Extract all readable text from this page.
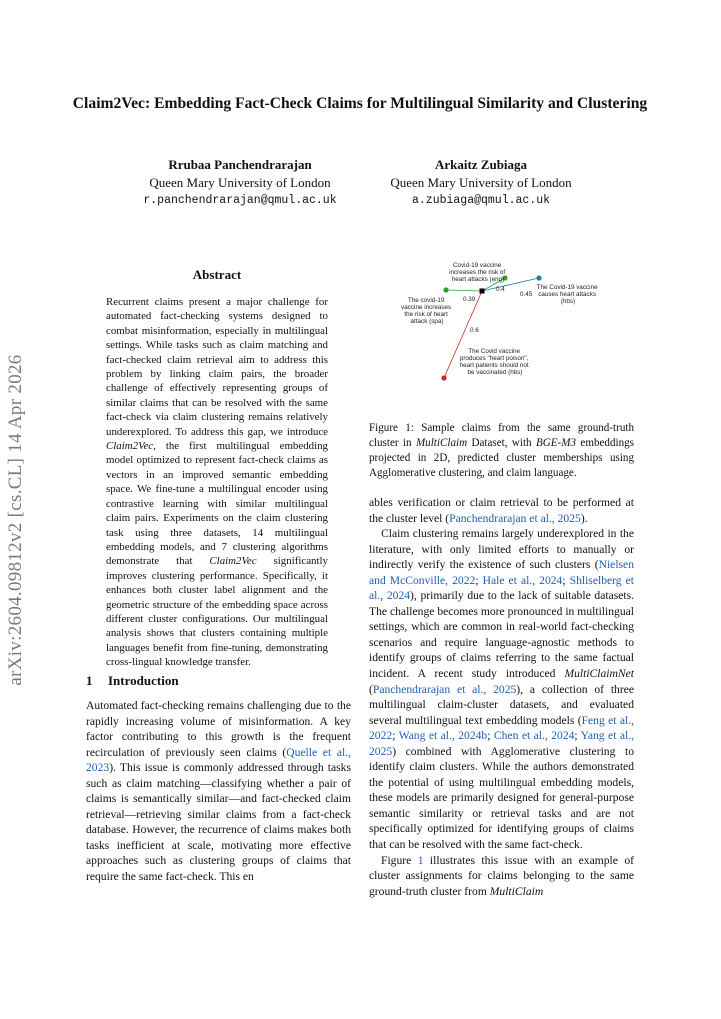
arXiv:2604.09812v2 [cs.CL] 14 Apr 2026
Claim2Vec: Embedding Fact-Check Claims for Multilingual Similarity and Clustering
Rrubaa Panchendrarajan
Queen Mary University of London
r.panchendrarajan@qmul.ac.uk
Arkaitz Zubiaga
Queen Mary University of London
a.zubiaga@qmul.ac.uk
Abstract
Recurrent claims present a major challenge for automated fact-checking systems designed to combat misinformation, especially in multilingual settings. While tasks such as claim matching and fact-checked claim retrieval aim to address this problem by linking claim pairs, the broader challenge of effectively representing groups of similar claims that can be resolved with the same fact-check via claim clustering remains relatively underexplored. To address this gap, we introduce Claim2Vec, the first multilingual embedding model optimized to represent fact-check claims as vectors in an improved semantic embedding space. We fine-tune a multilingual encoder using contrastive learning with similar multilingual claim pairs. Experiments on the claim clustering task using three datasets, 14 multilingual embedding models, and 7 clustering algorithms demonstrate that Claim2Vec significantly improves clustering performance. Specifically, it enhances both cluster label alignment and the geometric structure of the embedding space across different cluster configurations. Our multilingual analysis shows that clusters containing multiple languages benefit from fine-tuning, demonstrating cross-lingual knowledge transfer.
1 Introduction
Automated fact-checking remains challenging due to the rapidly increasing volume of misinformation. A key factor contributing to this growth is the frequent recirculation of previously seen claims (Quelle et al., 2023). This issue is commonly addressed through tasks such as claim matching—classifying whether a pair of claims is semantically similar—and fact-checked claim retrieval—retrieving similar claims from a fact-check database. However, the recurrence of claims makes both tasks inefficient at scale, motivating more effective approaches such as clustering groups of claims that require the same fact-check. This en
0.4
0.45
0.39
0.6
Covid-19 vaccine increases the risk of heart attacks (eng)
The Covid-19 vaccine causes heart attacks (hbs)
The covid-19 vaccine increases the risk of heart attack (spa)
The Covid vaccine produces "heart poison", heart patients should not be vaccinated (hbs)
Figure 1: Sample claims from the same ground-truth cluster in MultiClaim Dataset, with BGE-M3 embeddings projected in 2D, predicted cluster memberships using Agglomerative clustering, and claim language.

ables verification or claim retrieval to be performed at the cluster level (Panchendrarajan et al., 2025).

Claim clustering remains largely underexplored in the literature, with only limited efforts to manually or indirectly verify the existence of such clusters (Nielsen and McConville, 2022; Hale et al., 2024; Shliselberg et al., 2024), primarily due to the lack of suitable datasets. The challenge becomes more pronounced in multilingual settings, which are common in real-world fact-checking scenarios and require language-agnostic methods to identify groups of claims referring to the same factual incident. A recent study introduced MultiClaimNet (Panchendrarajan et al., 2025), a collection of three multilingual claim-cluster datasets, and evaluated several multilingual text embedding models (Feng et al., 2022; Wang et al., 2024b; Chen et al., 2024; Yang et al., 2025) combined with Agglomerative clustering to identify claim clusters. While the authors demonstrated the potential of using multilingual embedding models, these models are primarily designed for general-purpose semantic similarity or retrieval tasks and are not specifically optimized for identifying groups of claims that can be resolved with the same fact-check.

Figure 1 illustrates this issue with an example of cluster assignments for claims belonging to the same ground-truth cluster from MultiClaim
